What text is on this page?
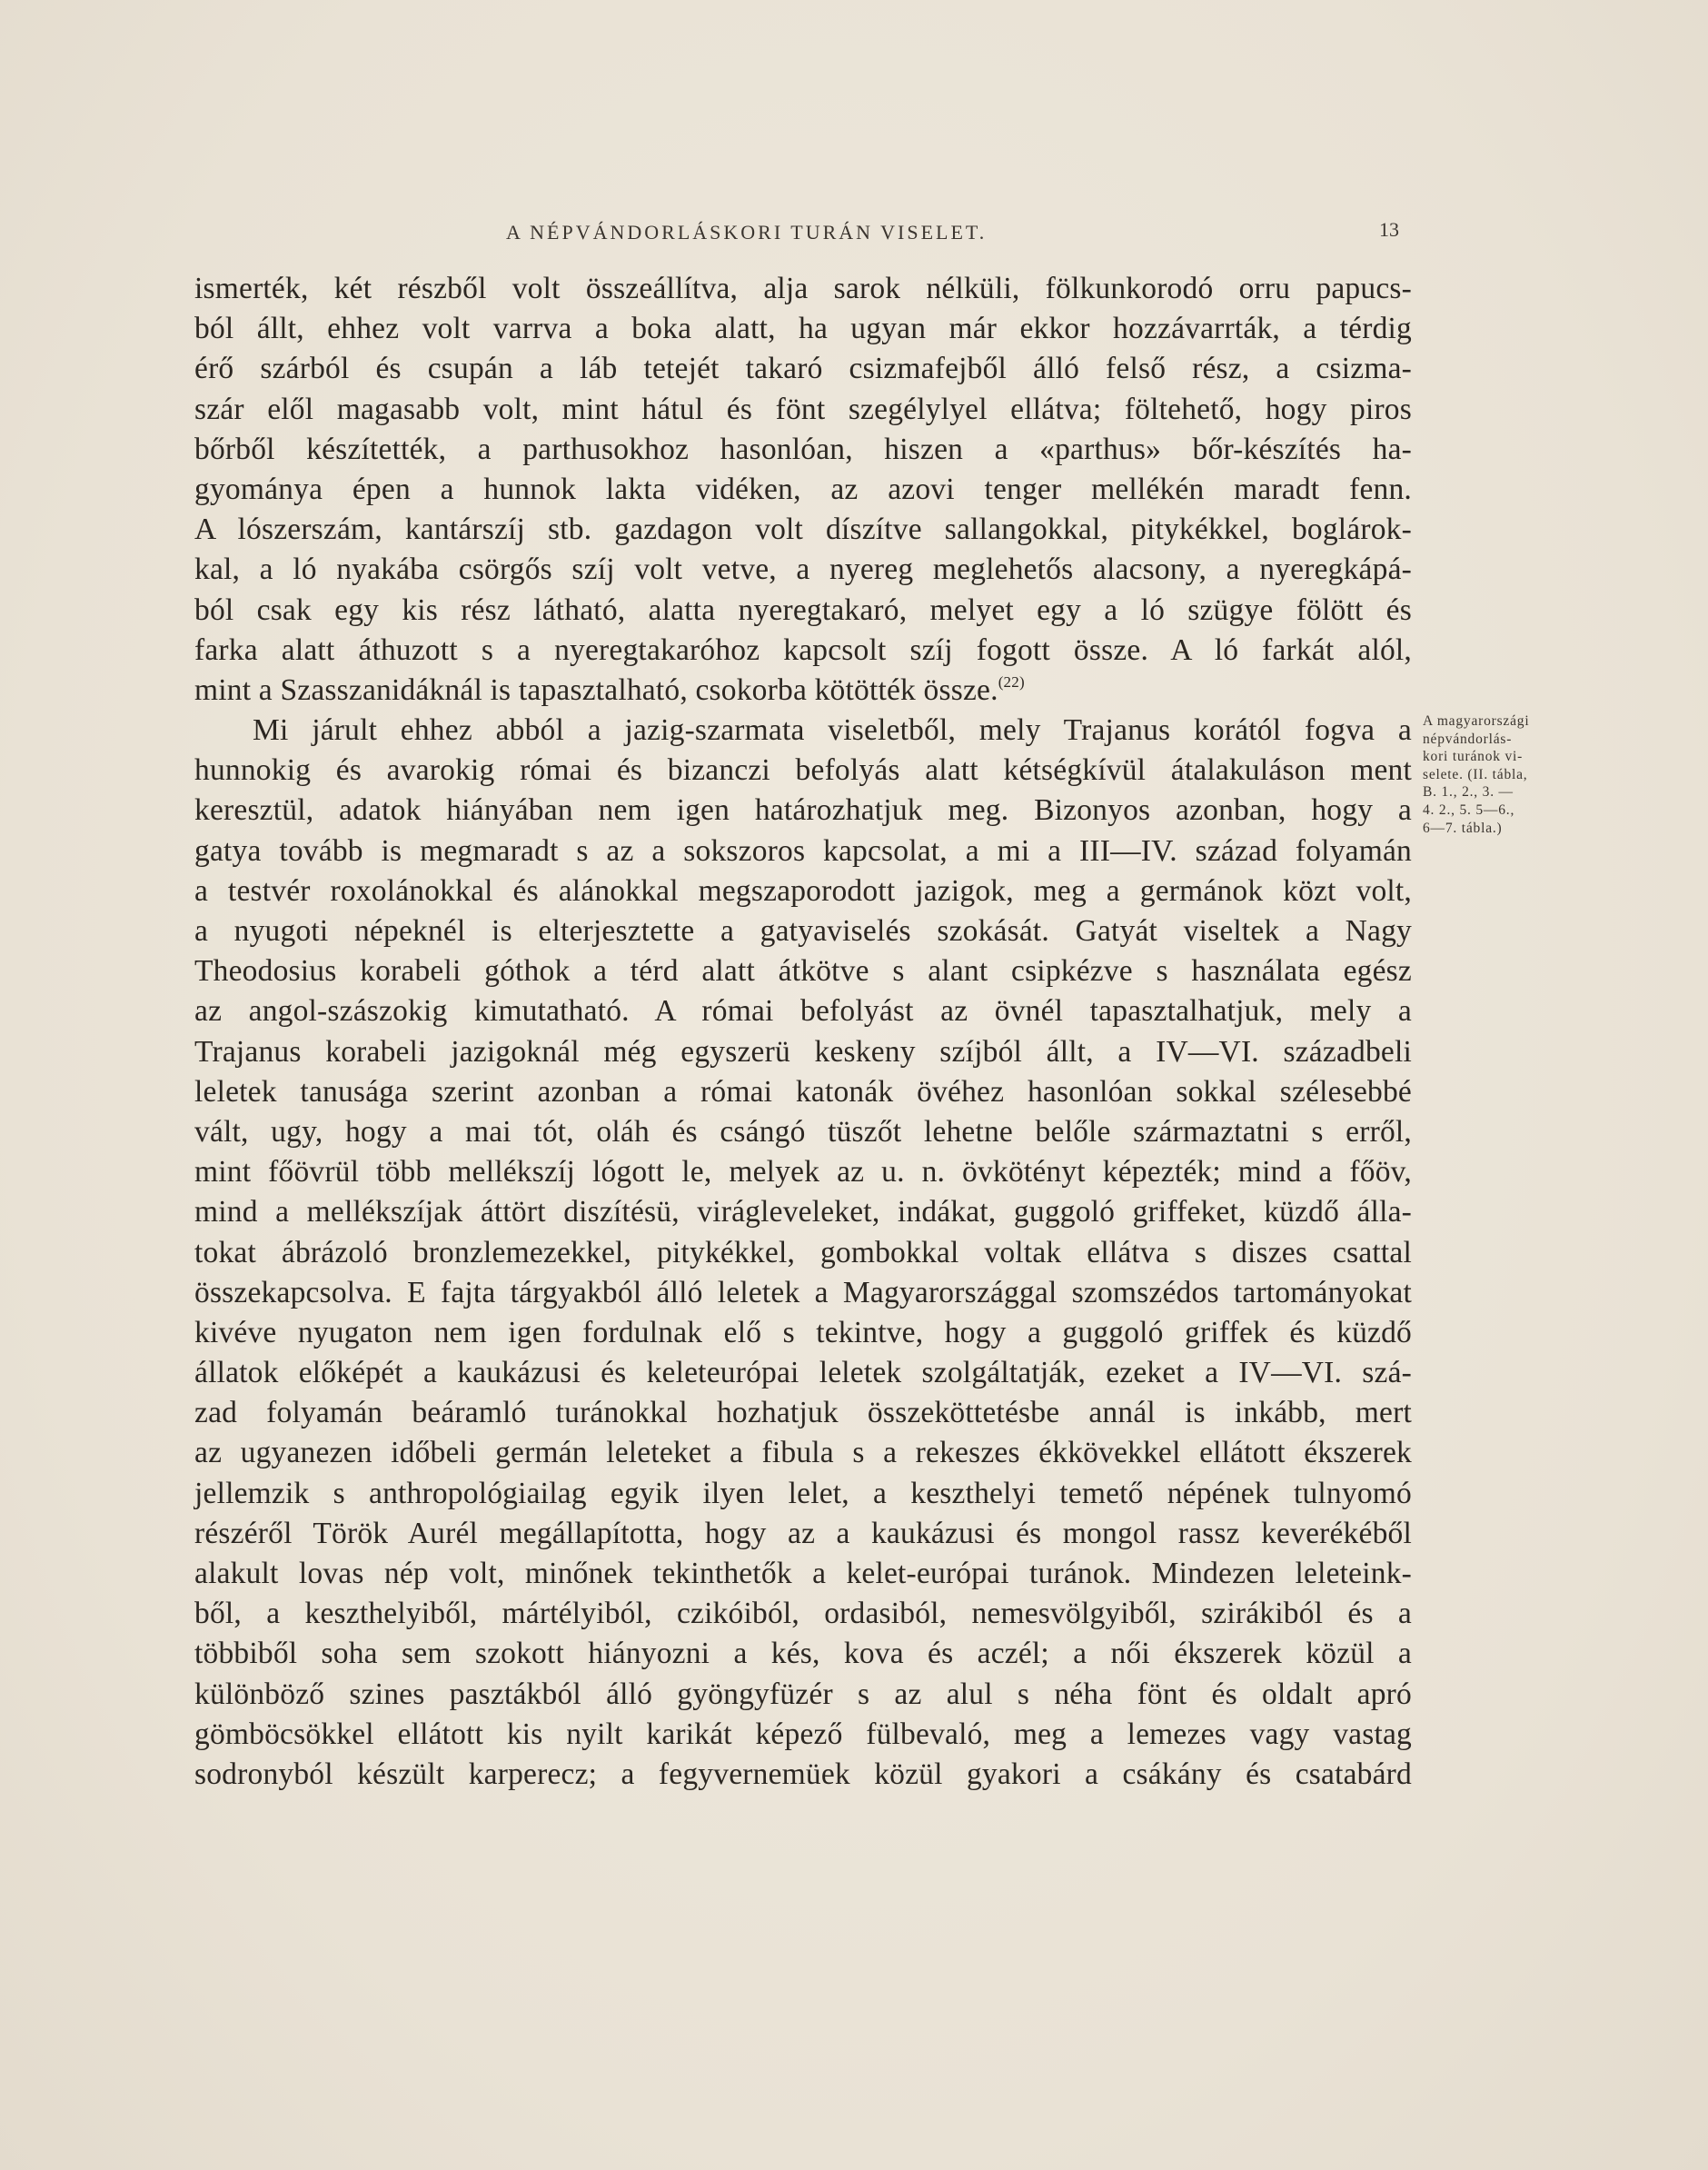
A NÉPVÁNDORLÁSKORI TURÁN VISELET.	13
ismerték, két részből volt összeállítva, alja sarok nélküli, fölkunkorodó orru papucs-
ból állt, ehhez volt varrva a boka alatt, ha ugyan már ekkor hozzávarrták, a térdig
érő szárból és csupán a láb tetejét takaró csizmafejből álló felső rész, a csizma-
szár elől magasabb volt, mint hátul és fönt szegélylyel ellátva; föltehető, hogy piros
bőrből készítették, a parthusokhoz hasonlóan, hiszen a «parthus» bőr-készítés ha-
gyománya épen a hunnok lakta vidéken, az azovi tenger mellékén maradt fenn.
A lószerszám, kantárszíj stb. gazdagon volt díszítve sallangokkal, pitykékkel, boglárok-
kal, a ló nyakába csörgős szíj volt vetve, a nyereg meglehetős alacsony, a nyeregkápá-
ból csak egy kis rész látható, alatta nyeregtakaró, melyet egy a ló szügye fölött és
farka alatt áthuzott s a nyeregtakaróhoz kapcsolt szíj fogott össze. A ló farkát alól,
mint a Szasszanidáknál is tapasztalható, csokorba kötötték össze.$^{(22)}$
Mi járult ehhez abból a jazig-szarmata viseletből, mely Trajanus korától fogva a
hunnokig és avarokig római és bizanczi befolyás alatt kétségkívül átalakuláson ment
keresztül, adatok hiányában nem igen határozhatjuk meg. Bizonyos azonban, hogy a
gatya tovább is megmaradt s az a sokszoros kapcsolat, a mi a III—IV. század folyamán
a testvér roxolánokkal és alánokkal megszaporodott jazigok, meg a germánok közt volt,
a nyugoti népeknél is elterjesztette a gatyaviselés szokását. Gatyát viseltek a Nagy
Theodosius korabeli góthok a térd alatt átkötve s alant csipkézve s használata egész
az angol-szászokig kimutatható. A római befolyást az övnél tapasztalhatjuk, mely a
Trajanus korabeli jazigoknál még egyszerü keskeny szíjból állt, a IV—VI. századbeli
leletek tanusága szerint azonban a római katonák övéhez hasonlóan sokkal szélesebbé
vált, ugy, hogy a mai tót, oláh és csángó tüszőt lehetne belőle származtatni s erről,
mint főövrül több mellékszíj lógott le, melyek az u. n. övkötényt képezték; mind a főöv,
mind a mellékszíjak áttört diszítésü, virágleveleket, indákat, guggoló griffeket, küzdő álla-
tokat ábrázoló bronzlemezekkel, pitykékkel, gombokkal voltak ellátva s diszes csattal
összekapcsolva. E fajta tárgyakból álló leletek a Magyarországgal szomszédos tartományokat
kivéve nyugaton nem igen fordulnak elő s tekintve, hogy a guggoló griffek és küzdő
állatok előképét a kaukázusi és keleteurópai leletek szolgáltatják, ezeket a IV—VI. szá-
zad folyamán beáramló turánokkal hozhatjuk összeköttetésbe annál is inkább, mert
az ugyanezen időbeli germán leleteket a fibula s a rekeszes ékkövekkel ellátott ékszerek
jellemzik s anthropológiailag egyik ilyen lelet, a keszthelyi temető népének tulnyomó
részéről Török Aurél megállapította, hogy az a kaukázusi és mongol rassz keverékéből
alakult lovas nép volt, minőnek tekinthetők a kelet-európai turánok. Mindezen leleteink-
ből, a keszthelyiből, mártélyiból, czikóiból, ordasiból, nemesvölgyiből, szirákiból és a
többiből soha sem szokott hiányozni a kés, kova és aczél; a női ékszerek közül a
különböző szines pasztákból álló gyöngyfüzér s az alul s néha fönt és oldalt apró
gömböcsökkel ellátott kis nyilt karikát képező fülbevaló, meg a lemezes vagy vastag
sodronyból készült karperecz; a fegyvernemüek közül gyakori a csákány és csatabárd
A magyarországi
népvándorlás-
kori turánok vi-
selete. (II. tábla,
B. 1., 2., 3. —
4. 2., 5. 5—6.,
6—7. tábla.)
